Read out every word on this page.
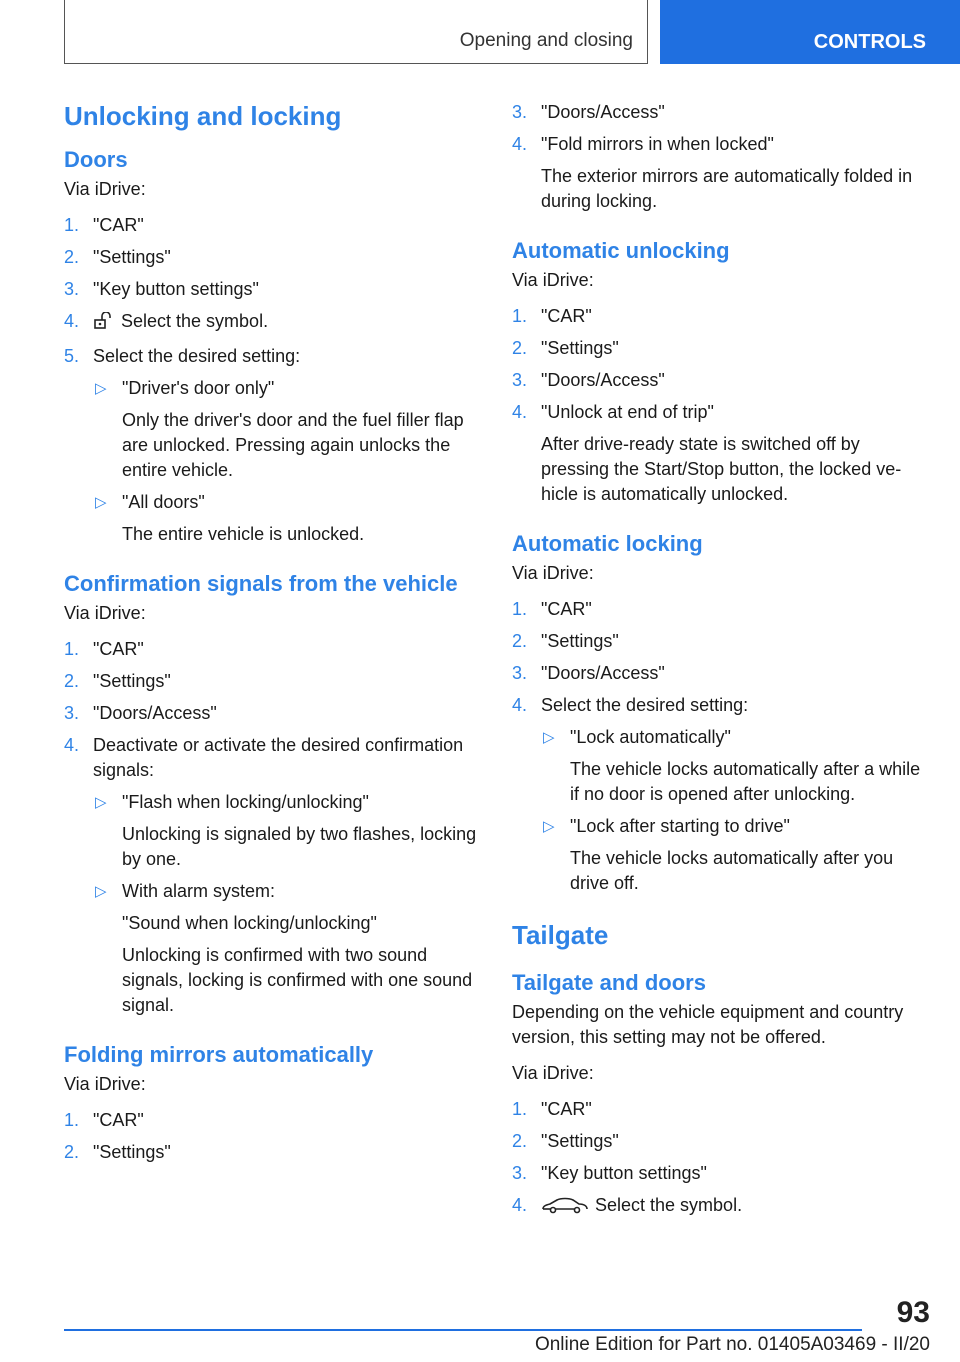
Opening and closing	CONTROLS
Unlocking and locking
Doors
Via iDrive:
1. "CAR"
2. "Settings"
3. "Key button settings"
4. Select the symbol.
5. Select the desired setting:
▷ "Driver's door only"
Only the driver's door and the fuel filler flap are unlocked. Pressing again unlocks the entire vehicle.
▷ "All doors"
The entire vehicle is unlocked.
Confirmation signals from the vehicle
Via iDrive:
1. "CAR"
2. "Settings"
3. "Doors/Access"
4. Deactivate or activate the desired confirmation signals:
▷ "Flash when locking/unlocking"
Unlocking is signaled by two flashes, locking by one.
▷ With alarm system:
"Sound when locking/unlocking"
Unlocking is confirmed with two sound signals, locking is confirmed with one sound signal.
Folding mirrors automatically
Via iDrive:
1. "CAR"
2. "Settings"
3. "Doors/Access"
4. "Fold mirrors in when locked"
The exterior mirrors are automatically folded in during locking.
Automatic unlocking
Via iDrive:
1. "CAR"
2. "Settings"
3. "Doors/Access"
4. "Unlock at end of trip"
After drive-ready state is switched off by pressing the Start/Stop button, the locked vehicle is automatically unlocked.
Automatic locking
Via iDrive:
1. "CAR"
2. "Settings"
3. "Doors/Access"
4. Select the desired setting:
▷ "Lock automatically"
The vehicle locks automatically after a while if no door is opened after unlocking.
▷ "Lock after starting to drive"
The vehicle locks automatically after you drive off.
Tailgate
Tailgate and doors
Depending on the vehicle equipment and country version, this setting may not be offered.
Via iDrive:
1. "CAR"
2. "Settings"
3. "Key button settings"
4.	Select the symbol.
93
Online Edition for Part no. 01405A03469 - II/20
